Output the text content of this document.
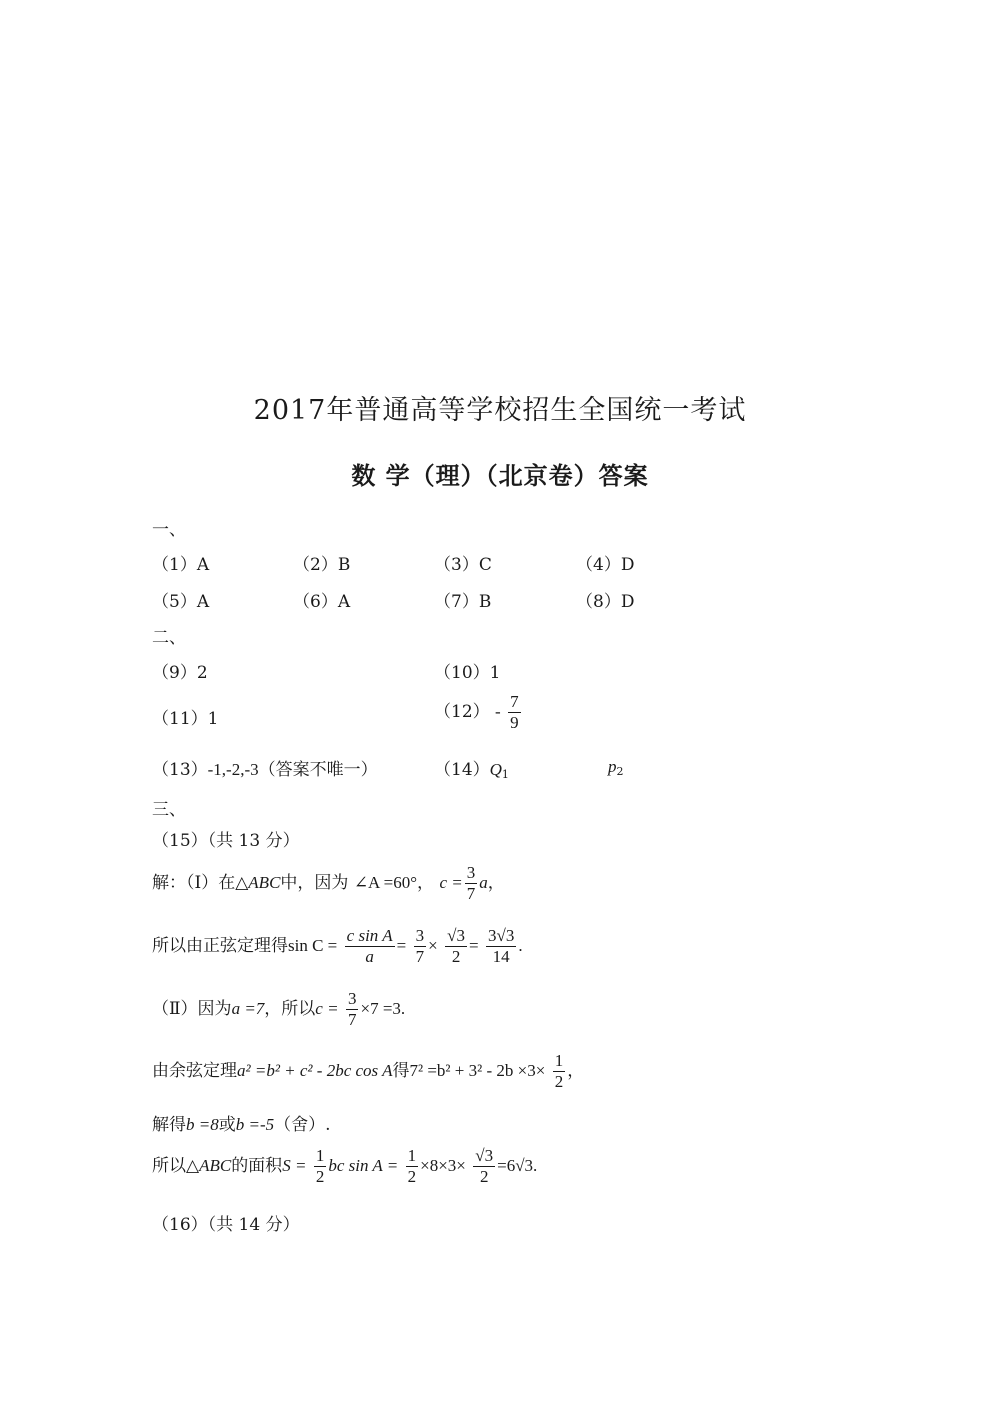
2017年普通高等学校招生全国统一考试
数 学（理）（北京卷）答案
一、
（1）A	（2）B	（3）C	（4）D
（5）A	（6）A	（7）B	（8）D
二、
（9）2	（10）1
（11）1	$(12) - \frac{7}{9}$
（13）-1,-2,-3（答案不唯一）	$(14)Q_1$	$p_2$
三、
（15）（共 13 分）
解：（Ⅰ）在△ABC中，因为 ∠A =60°， $c = \frac{3}{7}$ a，
所以由正弦定理得$\sin C = \frac{\text{c sin A}}{a} = \frac{3}{7} \times \frac{√3}{2} = \frac{3√3}{14}$ .
（Ⅱ）因为a =7，所以$c = \frac{3}{7} \times 7 =3$.
由余弦定理a² =b² + c² - 2bc cos A得$7^2 =b^2 + 3^2 - 2b \times 3\times \frac{1}{2}$ ，
解得b =8或b =-5（舍）.
所以△ABC的面积$S = \frac{1}{2}$ bc $\sin A = \frac{1}{2} \times 8\times 3\times \frac{√3}{2} =6√3$.
（16）（共 14 分）
